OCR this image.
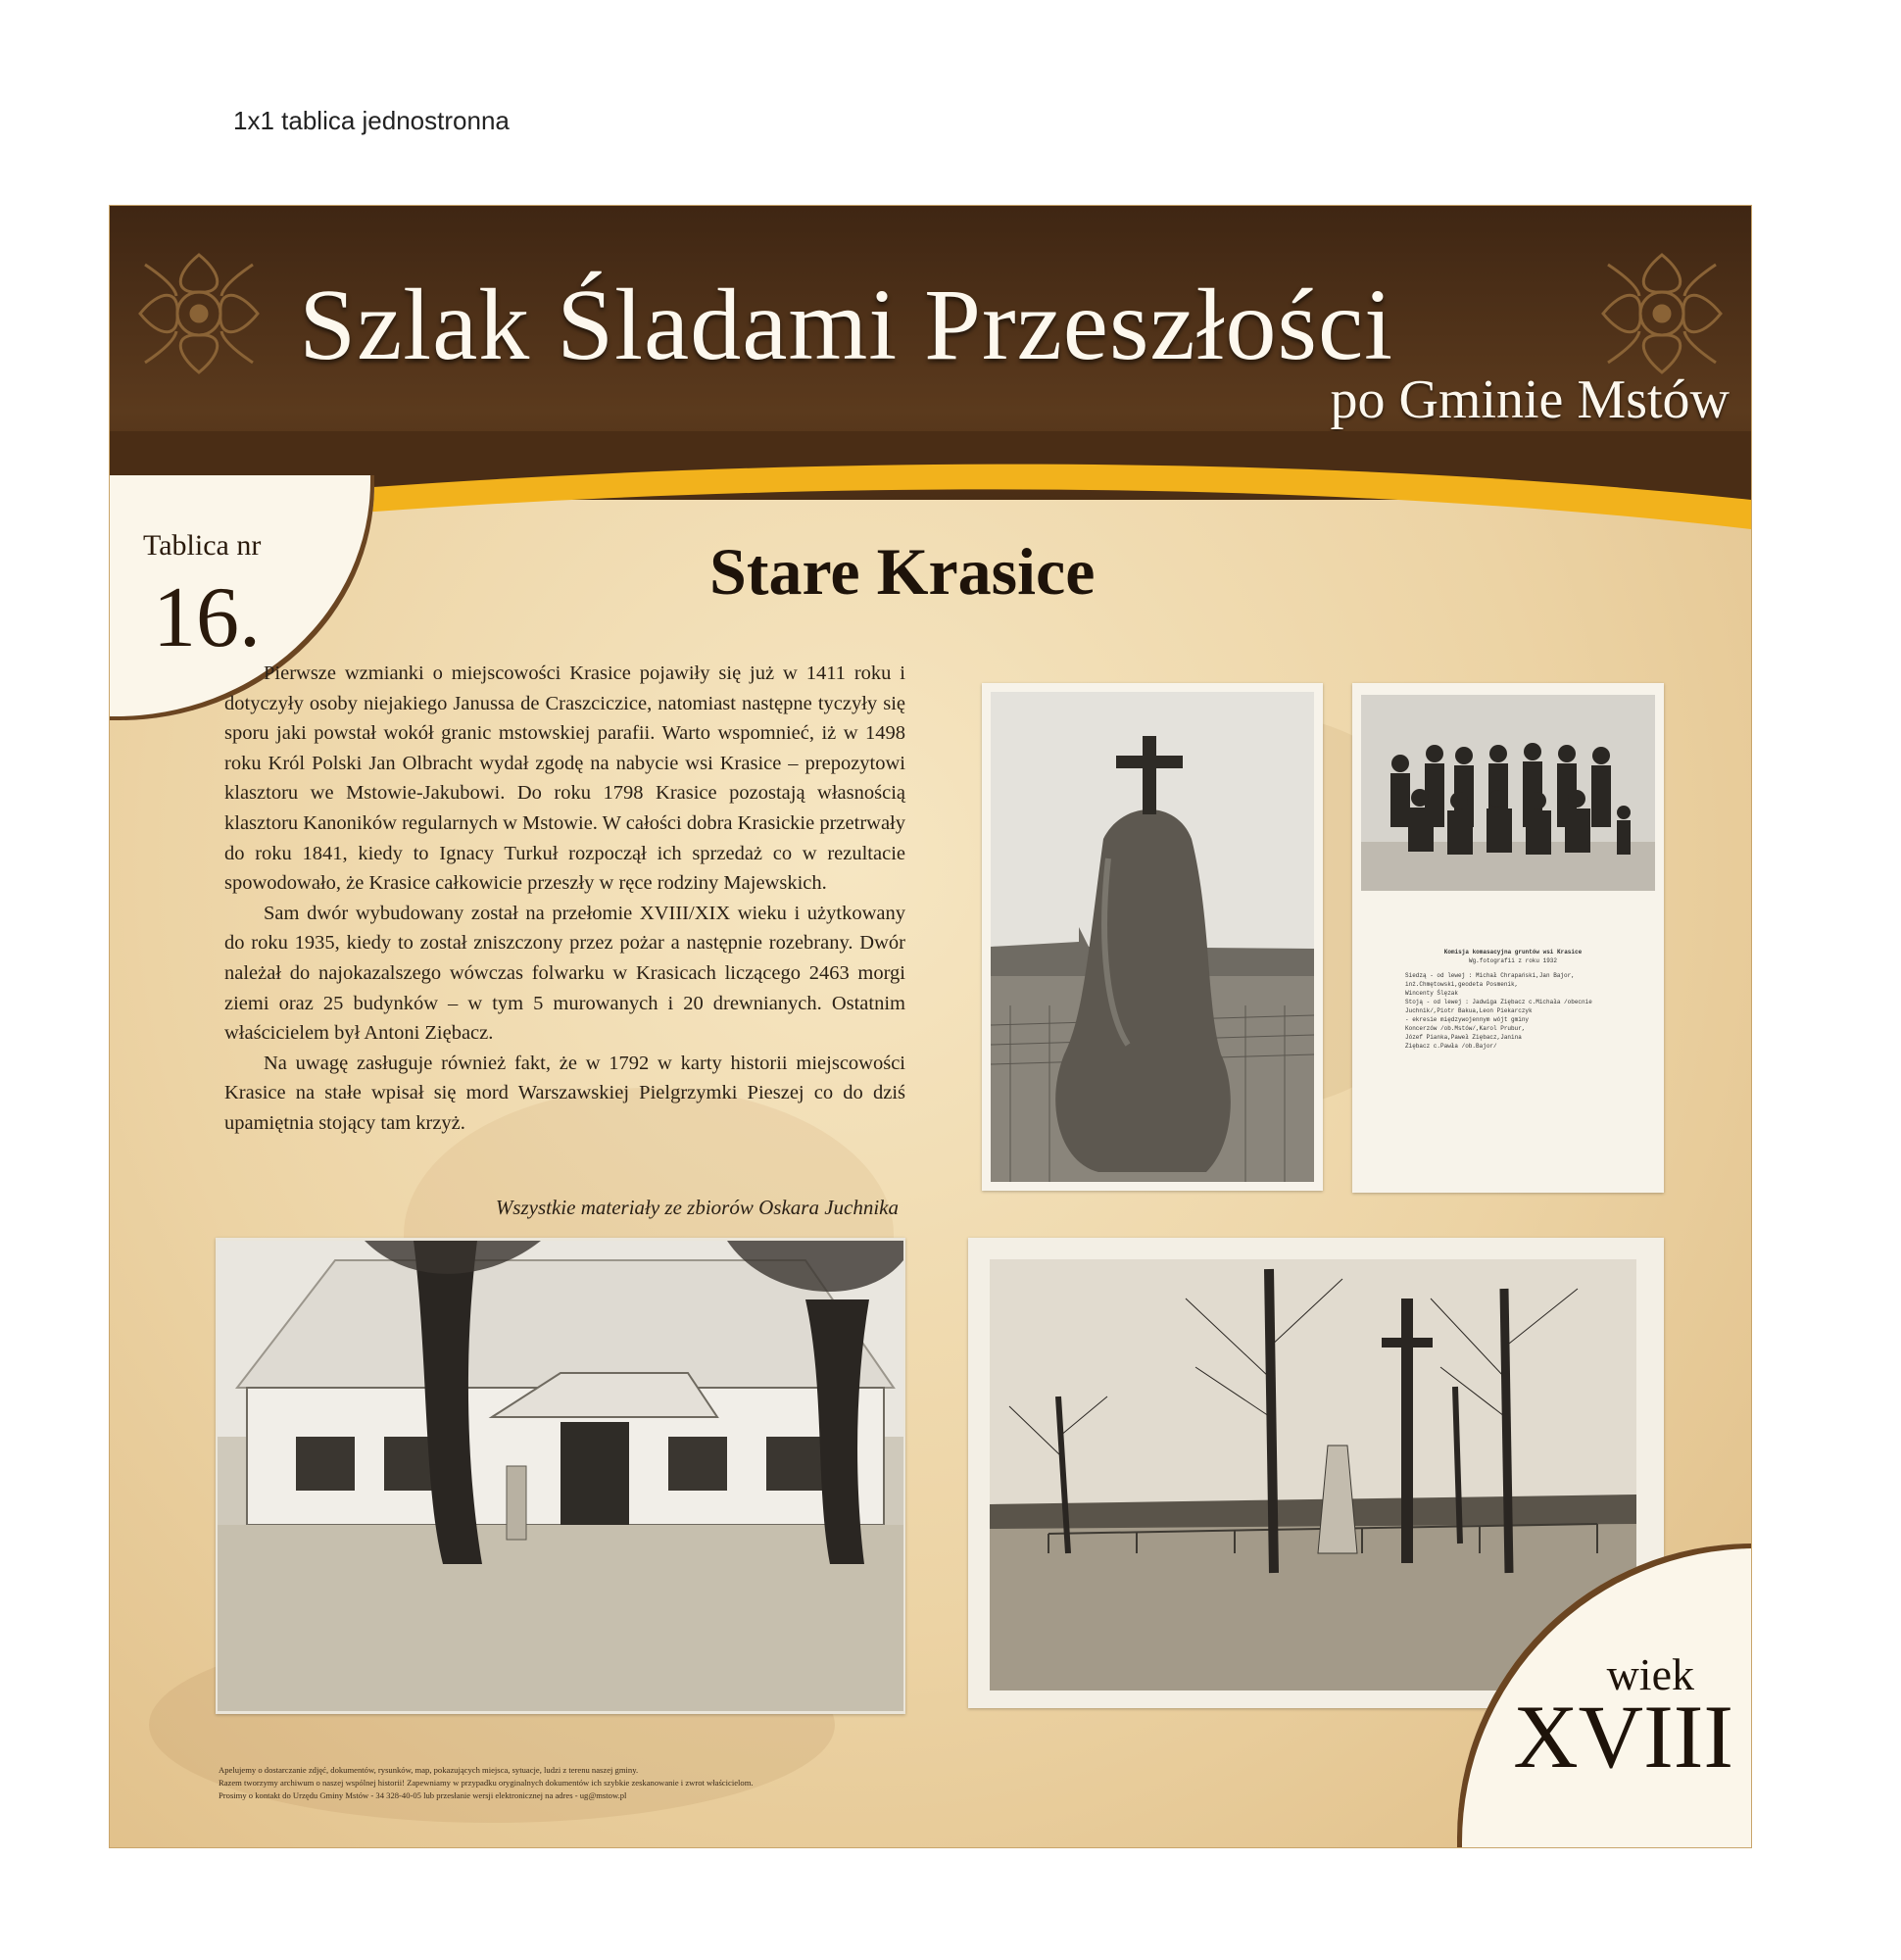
1x1 tablica jednostronna
Szlak Śladami Przeszłości
po Gminie Mstów
Tablica nr
16.	Stare Krasice

Pierwsze wzmianki o miejscowości Krasice pojawiły się już w 1411 roku i dotyczyły osoby niejakiego Janussa de Craszciczice, natomiast następne tyczyły się sporu jaki powstał wokół granic mstowskiej parafii. Warto wspomnieć, iż w 1498 roku Król Polski Jan Olbracht wydał zgodę na nabycie wsi Krasice – prepozytowi klasztoru we Mstowie-Jakubowi. Do roku 1798 Krasice pozostają własnością klasztoru Kanoników regularnych w Mstowie. W całości dobra Krasickie przetrwały do roku 1841, kiedy to Ignacy Turkuł rozpoczął ich sprzedaż co w rezultacie spowodowało, że Krasice całkowicie przeszły w ręce rodziny Majewskich.

Sam dwór wybudowany został na przełomie XVIII/XIX wieku i użytkowany do roku 1935, kiedy to został zniszczony przez pożar a następnie rozebrany. Dwór należał do najokazalszego wówczas folwarku w Krasicach liczącego 2463 morgi ziemi oraz 25 budynków – w tym 5 murowanych i 20 drewnianych. Ostatnim właścicielem był Antoni Ziębacz.

Na uwagę zasługuje również fakt, że w 1792 w karty historii miejscowości Krasice na stałe wpisał się mord Warszawskiej Pielgrzymki Pieszej co do dziś upamiętnia stojący tam krzyż.

Wszystkie materiały ze zbiorów Oskara Juchnika
Komisja komasacyjna gruntów wsi Krasice
Wg.fotografii z roku 1932
Siedzą - od lewej : Michał Chrapański,Jan Bajor,
inż.Chmętowski,geodeta Posmenik,
Wincenty Ślęzak
Stoją - od lewej : Jadwiga Ziębacz c.Michała /obecnie
Juchnik/,Piotr Bakua,Leon Piekarczyk
- ekresie międzywojennym wójt gminy
Koncerzów /ob.Mstów/,Karol Prubur,
Józef Pianka,Paweł Ziębacz,Janina
Ziębacz c.Pawła /ob.Bajor/
wiek
XVIII
Apelujemy o dostarczanie zdjęć, dokumentów, rysunków, map, pokazujących miejsca, sytuacje, ludzi z terenu naszej gminy.
Razem tworzymy archiwum o naszej wspólnej historii! Zapewniamy w przypadku oryginalnych dokumentów ich szybkie zeskanowanie i zwrot właścicielom.
Prosimy o kontakt do Urzędu Gminy Mstów - 34 328-40-05 lub przesłanie wersji elektronicznej na adres - ug@mstow.pl
